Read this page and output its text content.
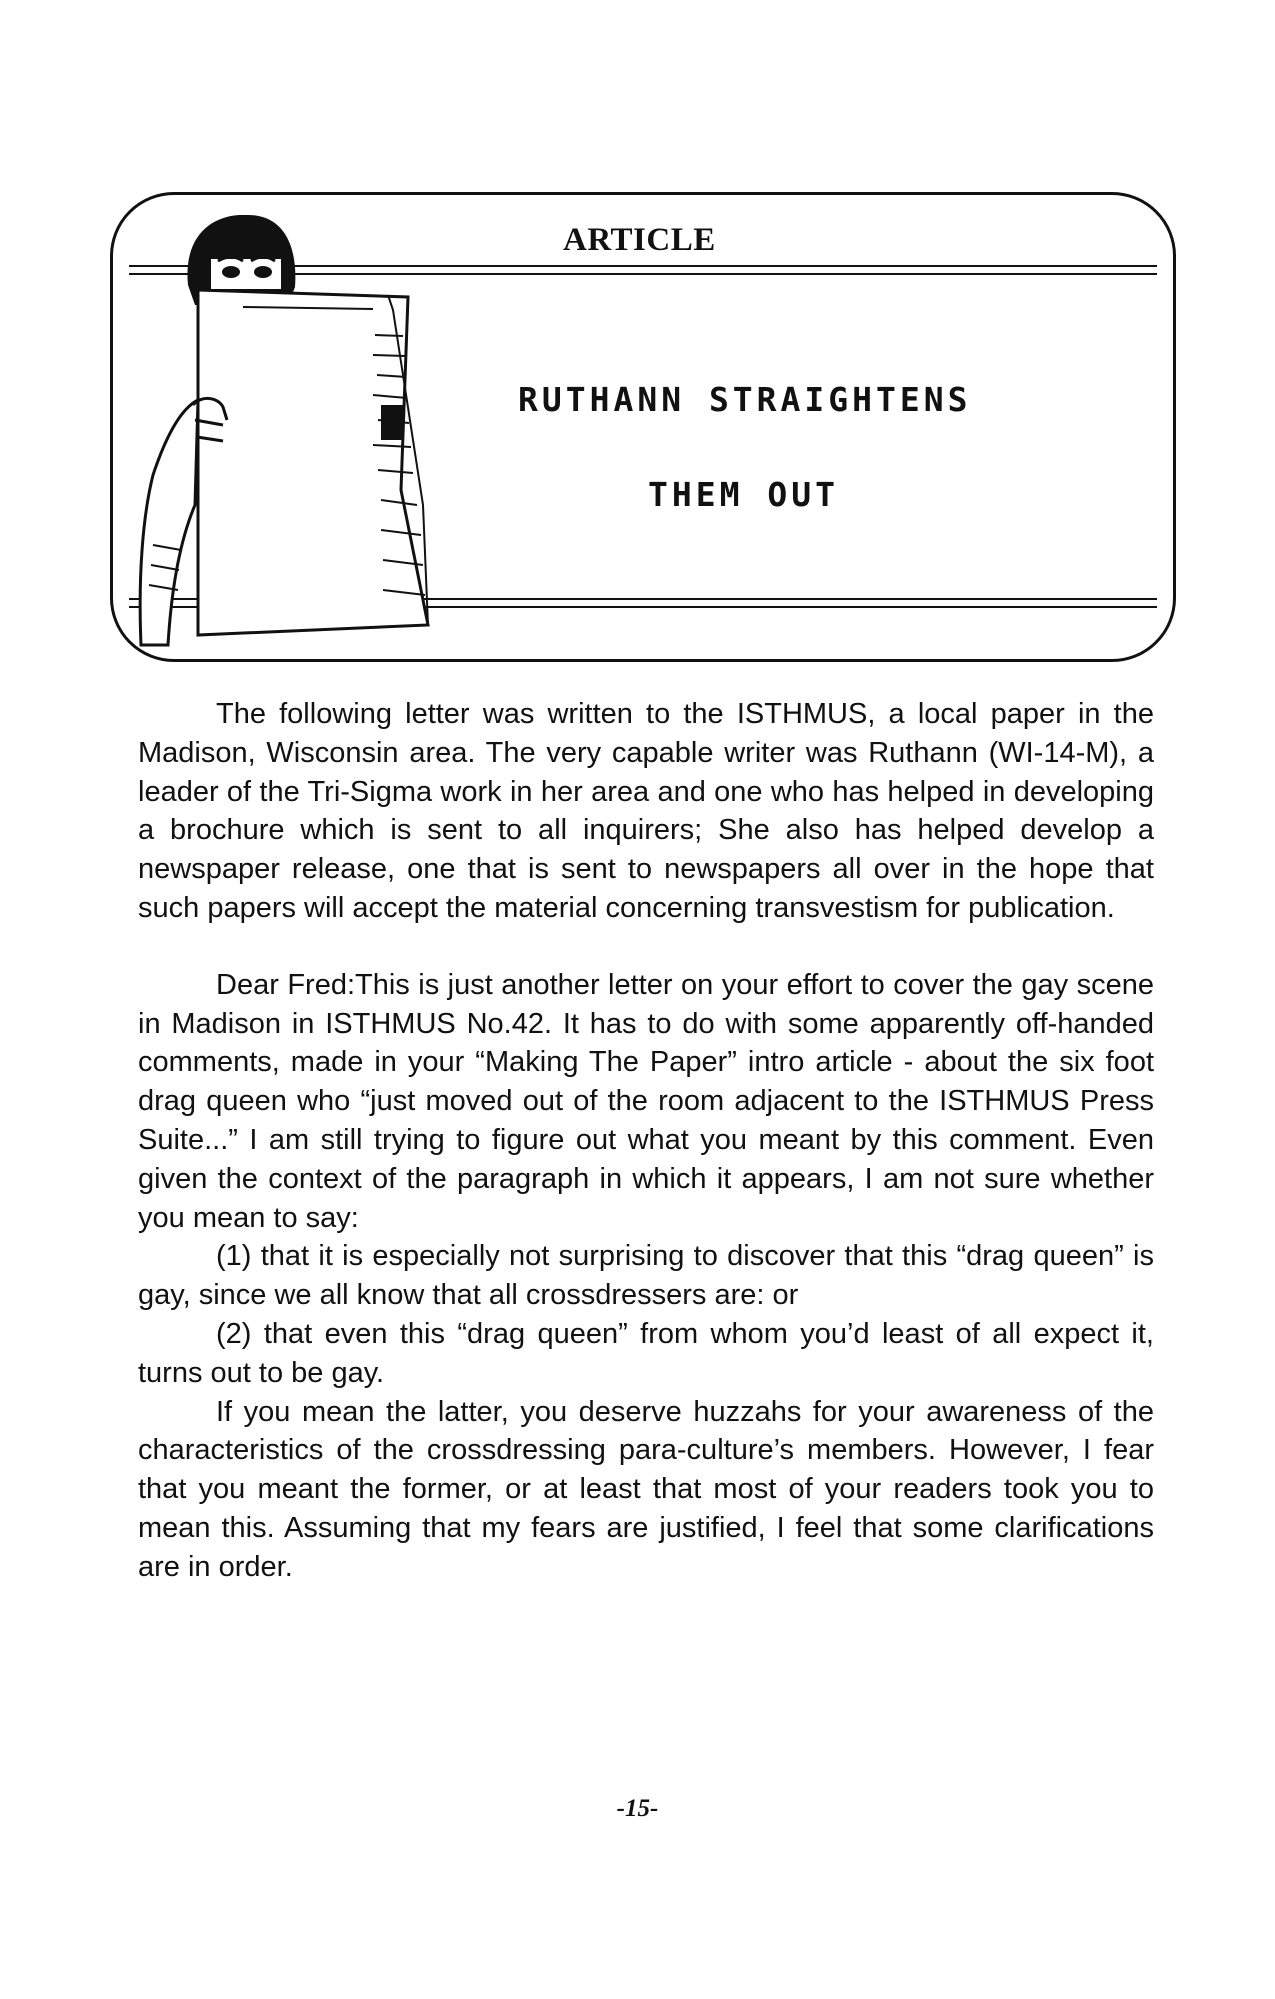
ARTICLE
RUTHANN STRAIGHTENS
THEM OUT

The following letter was written to the ISTHMUS, a local paper in the Madison, Wisconsin area. The very capable writer was Ruthann (WI-14-M), a leader of the Tri-Sigma work in her area and one who has helped in developing a brochure which is sent to all inquirers; She also has helped develop a newspaper release, one that is sent to newspapers all over in the hope that such papers will accept the material concerning transvestism for publication.

Dear Fred:This is just another letter on your effort to cover the gay scene in Madison in ISTHMUS No.42. It has to do with some apparently off-handed comments, made in your “Making The Paper” intro article - about the six foot drag queen who “just moved out of the room adjacent to the ISTHMUS Press Suite...” I am still trying to figure out what you meant by this comment. Even given the context of the paragraph in which it appears, I am not sure whether you mean to say:

(1) that it is especially not surprising to discover that this “drag queen” is gay, since we all know that all crossdressers are: or

(2) that even this “drag queen” from whom you’d least of all expect it, turns out to be gay.

If you mean the latter, you deserve huzzahs for your awareness of the characteristics of the crossdressing para-culture’s members. However, I fear that you meant the former, or at least that most of your readers took you to mean this. Assuming that my fears are justified, I feel that some clarifications are in order.

-15-
